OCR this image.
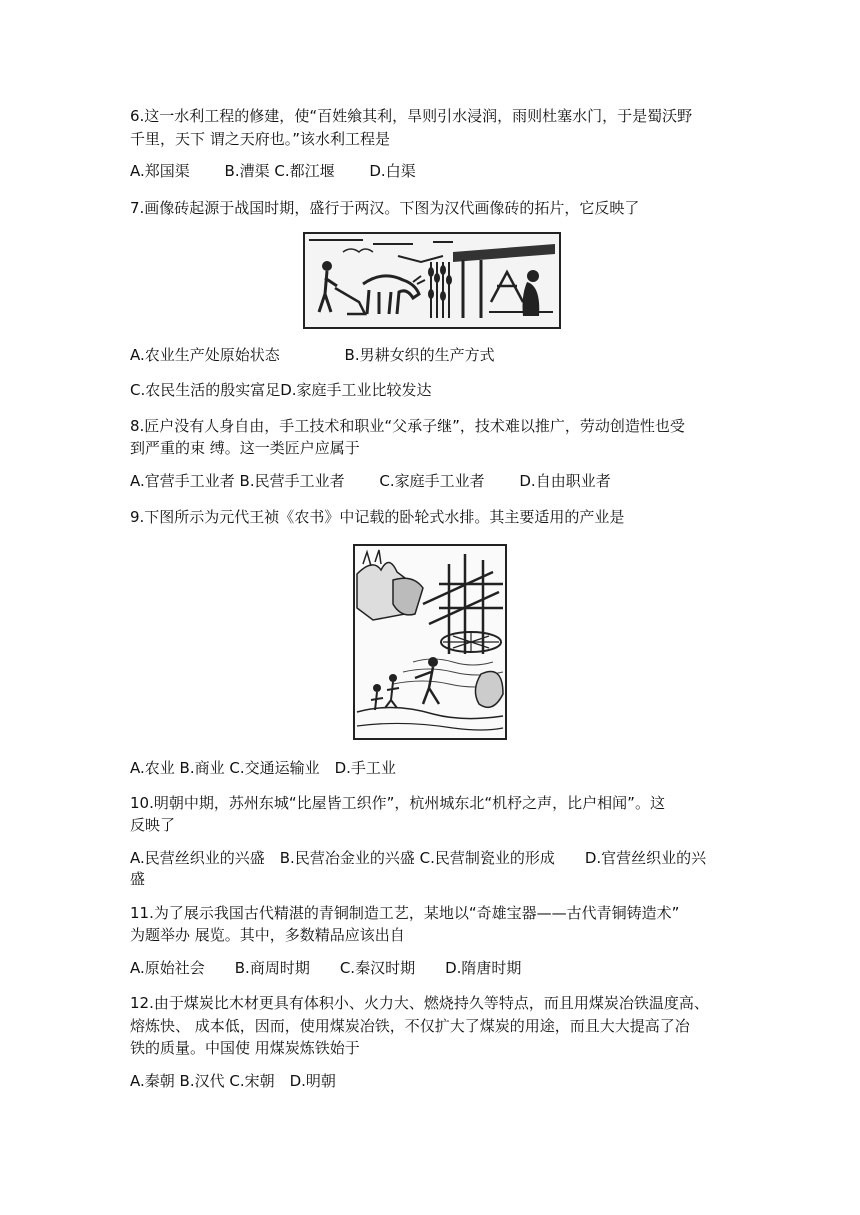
6.这一水利工程的修建，使“百姓飨其利，旱则引水浸润，雨则杜塞水门，于是蜀沃野
千里，天下 谓之天府也。”该水利工程是
A.郑国渠 　　B.漕渠 C.都江堰 　　D.白渠
7.画像砖起源于战国时期，盛行于两汉。下图为汉代画像砖的拓片，它反映了
A.农业生产处原始状态 　　　　B.男耕女织的生产方式
C.农民生活的殷实富足D.家庭手工业比较发达
8.匠户没有人身自由，手工技术和职业“父承子继”，技术难以推广，劳动创造性也受
到严重的束 缚。这一类匠户应属于
A.官营手工业者 B.民营手工业者　　 C.家庭手工业者　　 D.自由职业者
9.下图所示为元代王祯《农书》中记载的卧轮式水排。其主要适用的产业是
A.农业 B.商业 C.交通运输业　D.手工业
10.明朝中期，苏州东城“比屋皆工织作”，杭州城东北“机杼之声，比户相闻”。这
反映了
A.民营丝织业的兴盛　B.民营冶金业的兴盛 C.民营制瓷业的形成　　D.官营丝织业的兴
盛
11.为了展示我国古代精湛的青铜制造工艺，某地以“奇雄宝器——古代青铜铸造术”
为题举办 展览。其中，多数精品应该出自
A.原始社会　　B.商周时期　　C.秦汉时期　　D.隋唐时期
12.由于煤炭比木材更具有体积小、火力大、燃烧持久等特点，而且用煤炭冶铁温度高、
熔炼快、 成本低，因而，使用煤炭冶铁，不仅扩大了煤炭的用途，而且大大提高了冶
铁的质量。中国使 用煤炭炼铁始于
A.秦朝 B.汉代 C.宋朝　D.明朝
